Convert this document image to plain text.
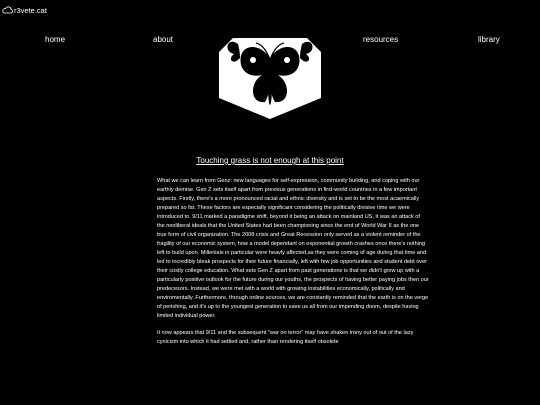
r3vete.cat
home	about	resources	library
Touching grass is not enough at this point

What we can learn from Genz: new languages for self-expression, community building, and coping with our earthly demise. Gen Z sets itself apart from previous generations in first-world countries in a few important aspects. Firstly, there's a more pronounced racial and ethnic diversity and is set to be the most acaemically prepared so far. These factors are especially significant considering the politically divisive time we were introduced to. 9/11 marked a paradigme shift, beyond it being an attack on mainland US, it was an attack of the neoliberal ideals that the United States had been championing since the end of World War II as the one true form of civil organization. The 2008 crisis and Great Recession only served as a violent reminder of the fragility of our economic system, how a model dependant on exponential growth crashes once there's nothing left to build upon. Millenials in particular were heavly affected,as they were coming of age during that time and led to incredibly bleak prospects for their future financially, left with few job opportunities and student debt over their costly college education. What sets Gen Z apart from past generations is that we didn't grow up with a particularly positive outlook for the future during our youths, the prospects of having better paying jobs then our predecesors. Instead, we were met with a world with growing instabilities economically, politically and enviromentally. Furthermore, through online sources, we are constantly reminded that the earth is on the verge of perishing, and it's up to the youngest generation to save us all from our impending doom, despite having limited individual power.

It now appears that 9/11 and the subsequent "war on terror" may have shaken irony out of out of the lazy cynicism into which it had settled and, rather than rendering itself obsolete
